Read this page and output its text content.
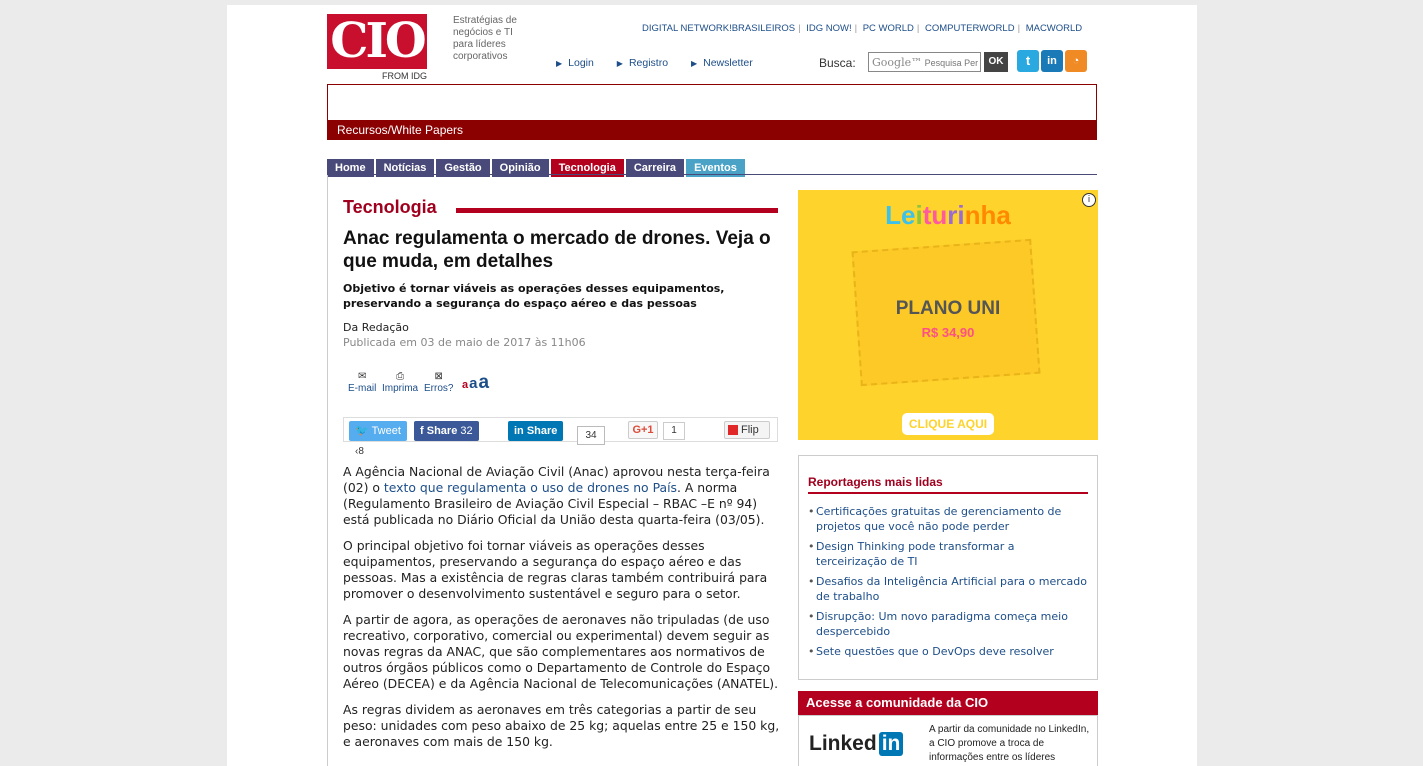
CIO
FROM IDG
Estratégias de negócios e TI para líderes corporativos
DIGITAL NETWORK!BRASILEIROS | IDG NOW! | PC WORLD | COMPUTERWORLD | MACWORLD
▶ Login	▶ Registro	▶ Newsletter	Busca:	Google™ Pesquisa Per	OK	t	in	◔
Recursos/White Papers
Home Notícias Gestão Opinião Tecnologia Carreira Eventos
Tecnologia
Anac regulamenta o mercado de drones. Veja o que muda, em detalhes
Objetivo é tornar viáveis as operações desses equipamentos, preservando a segurança do espaço aéreo e das pessoas
Da Redação
Publicada em 03 de maio de 2017 às 11h06
✉
E-mail
⎙
Imprima
⊠
Erros? aaa
🐦 Tweet	f Share 32	in Share	34	G+1	1	Flip
‹8

A Agência Nacional de Aviação Civil (Anac) aprovou nesta terça-feira (02) o texto que regulamenta o uso de drones no País. A norma (Regulamento Brasileiro de Aviação Civil Especial – RBAC –E nº 94) está publicada no Diário Oficial da União desta quarta-feira (03/05).

O principal objetivo foi tornar viáveis as operações desses equipamentos, preservando a segurança do espaço aéreo e das pessoas. Mas a existência de regras claras também contribuirá para promover o desenvolvimento sustentável e seguro para o setor.

A partir de agora, as operações de aeronaves não tripuladas (de uso recreativo, corporativo, comercial ou experimental) devem seguir as novas regras da ANAC, que são complementares aos normativos de outros órgãos públicos como o Departamento de Controle do Espaço Aéreo (DECEA) e da Agência Nacional de Telecomunicações (ANATEL).

As regras dividem as aeronaves em três categorias a partir de seu peso: unidades com peso abaixo de 25 kg; aquelas entre 25 e 150 kg, e aeronaves com mais de 150 kg.

Leiturinha
PLANO UNI
R$ 34,90
CLIQUE AQUI
i
Reportagens mais lidas
• Certificações gratuitas de gerenciamento de projetos que você não pode perder
• Design Thinking pode transformar a terceirização de TI
• Desafios da Inteligência Artificial para o mercado de trabalho
• Disrupção: Um novo paradigma começa meio despercebido
• Sete questões que o DevOps deve resolver
Acesse a comunidade da CIO
Linked in
A partir da comunidade no LinkedIn, a CIO promove a troca de informações entre os líderes
